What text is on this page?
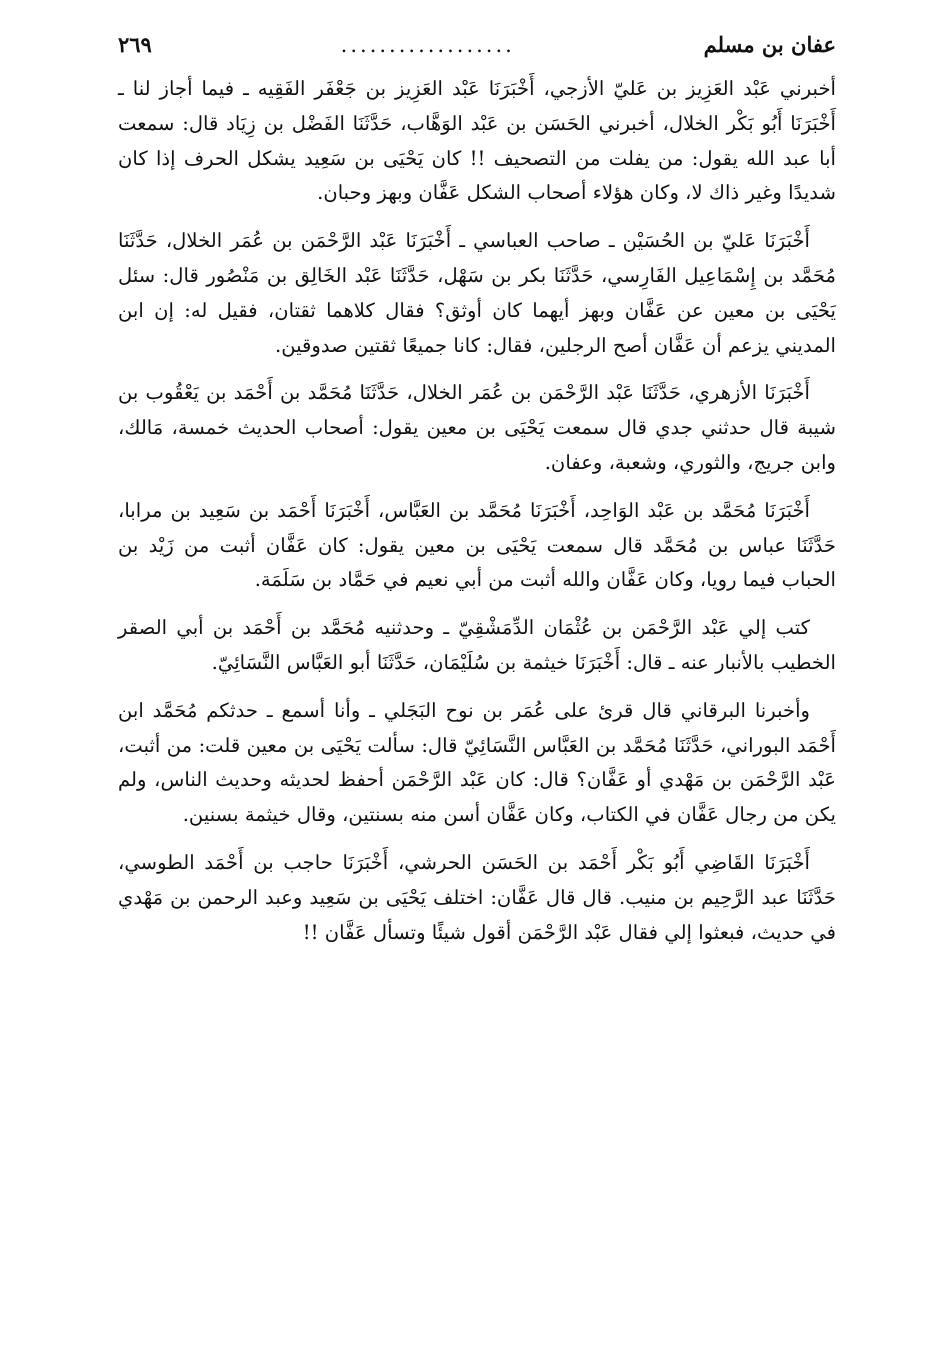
عفان بن مسلم
..................
٢٦٩

أخبرني عَبْد العَزِيز بن عَليّ الأزجي، أَخْبَرَنَا عَبْد العَزِيز بن جَعْفَر الفَقِيه ـ فيما أجاز لنا ـ أَخْبَرَنَا أَبُو بَكْر الخلال، أخبرني الحَسَن بن عَبْد الوَهَّاب، حَدَّثَنَا الفَضْل بن زِيَاد قال: سمعت أبا عبد الله يقول: من يفلت من التصحيف !! كان يَحْيَى بن سَعِيد يشكل الحرف إذا كان شديدًا وغير ذاك لا، وكان هؤلاء أصحاب الشكل عَفَّان وبهز وحبان.

أَخْبَرَنَا عَليّ بن الحُسَيْن ـ صاحب العباسي ـ أَخْبَرَنَا عَبْد الرَّحْمَن بن عُمَر الخلال، حَدَّثَنَا مُحَمَّد بن إِسْمَاعِيل الفَارِسي، حَدَّثَنَا بكر بن سَهْل، حَدَّثَنَا عَبْد الخَالِق بن مَنْصُور قال: سئل يَحْيَى بن معين عن عَفَّان وبهز أيهما كان أوثق؟ فقال كلاهما ثقتان، فقيل له: إن ابن المديني يزعم أن عَفَّان أصح الرجلين، فقال: كانا جميعًا ثقتين صدوقين.

أَخْبَرَنَا الأزهري، حَدَّثَنَا عَبْد الرَّحْمَن بن عُمَر الخلال، حَدَّثَنَا مُحَمَّد بن أَحْمَد بن يَعْقُوب بن شيبة قال حدثني جدي قال سمعت يَحْيَى بن معين يقول: أصحاب الحديث خمسة، مَالك، وابن جريج، والثوري، وشعبة، وعفان.

أَخْبَرَنَا مُحَمَّد بن عَبْد الوَاحِد، أَخْبَرَنَا مُحَمَّد بن العَبَّاس، أَخْبَرَنَا أَحْمَد بن سَعِيد بن مرابا، حَدَّثَنَا عباس بن مُحَمَّد قال سمعت يَحْيَى بن معين يقول: كان عَفَّان أثبت من زَيْد بن الحباب فيما رويا، وكان عَفَّان والله أثبت من أبي نعيم في حَمَّاد بن سَلَمَة.

كتب إلي عَبْد الرَّحْمَن بن عُثْمَان الدِّمَشْقِيّ ـ وحدثنيه مُحَمَّد بن أَحْمَد بن أبي الصقر الخطيب بالأنبار عنه ـ قال: أَخْبَرَنَا خيثمة بن سُلَيْمَان، حَدَّثَنَا أبو العَبَّاس النَّسَائِيّ.

وأخبرنا البرقاني قال قرئ على عُمَر بن نوح البَجَلي ـ وأنا أسمع ـ حدثكم مُحَمَّد ابن أَحْمَد البوراني، حَدَّثَنَا مُحَمَّد بن العَبَّاس النَّسَائِيّ قال: سألت يَحْيَى بن معين قلت: من أثبت، عَبْد الرَّحْمَن بن مَهْدي أو عَفَّان؟ قال: كان عَبْد الرَّحْمَن أحفظ لحديثه وحديث الناس، ولم يكن من رجال عَفَّان في الكتاب، وكان عَفَّان أسن منه بسنتين، وقال خيثمة بسنين.

أَخْبَرَنَا القَاضِي أَبُو بَكْر أَحْمَد بن الحَسَن الحرشي، أَخْبَرَنَا حاجب بن أَحْمَد الطوسي، حَدَّثَنَا عبد الرَّحِيم بن منيب. قال قال عَفَّان: اختلف يَحْيَى بن سَعِيد وعبد الرحمن بن مَهْدي في حديث، فبعثوا إلي فقال عَبْد الرَّحْمَن أقول شيئًا وتسأل عَفَّان !!
